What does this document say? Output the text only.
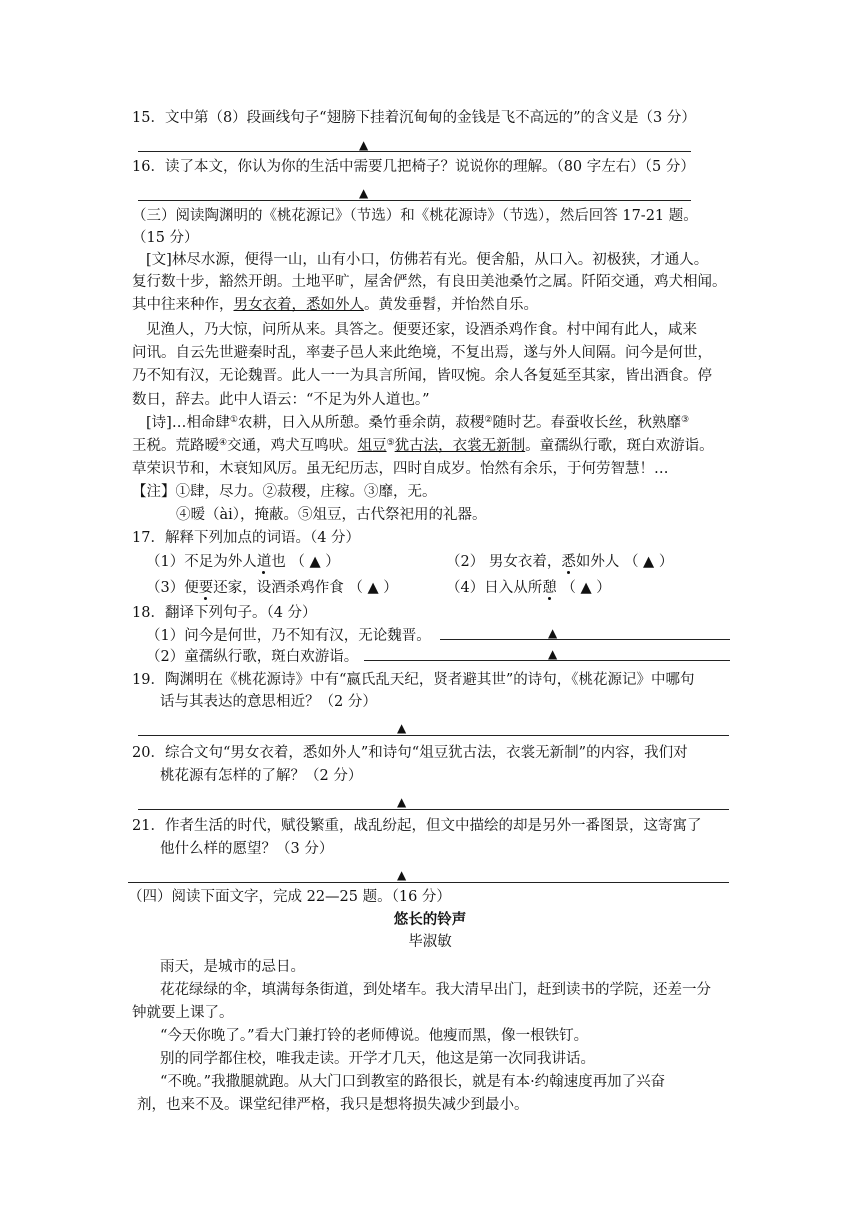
15．文中第（8）段画线句子“翅膀下挂着沉甸甸的金钱是飞不高远的”的含义是（3 分）
▲
16．读了本文，你认为你的生活中需要几把椅子？说说你的理解。（80 字左右）（5 分）
▲
（三）阅读陶渊明的《桃花源记》（节选）和《桃花源诗》（节选），然后回答 17-21 题。
（15 分）
[文]林尽水源，便得一山，山有小口，仿佛若有光。便舍船，从口入。初极狭，才通人。
复行数十步，豁然开朗。土地平旷，屋舍俨然，有良田美池桑竹之属。阡陌交通，鸡犬相闻。
其中往来种作，男女衣着，悉如外人。黄发垂髫，并怡然自乐。
见渔人，乃大惊，问所从来。具答之。便要还家，设酒杀鸡作食。村中闻有此人，咸来
问讯。自云先世避秦时乱，率妻子邑人来此绝境，不复出焉，遂与外人间隔。问今是何世，
乃不知有汉，无论魏晋。此人一一为具言所闻，皆叹惋。余人各复延至其家，皆出酒食。停
数日，辞去。此中人语云：“不足为外人道也。”
[诗]…相命肆①农耕，日入从所憩。桑竹垂余荫，菽稷②随时艺。春蚕收长丝，秋熟靡③
王税。荒路暧④交通，鸡犬互鸣吠。俎豆⑤犹古法，衣裳无新制。童孺纵行歌，斑白欢游诣。
草荣识节和，木衰知风厉。虽无纪历志，四时自成岁。怡然有余乐，于何劳智慧！…
【注】①肆，尽力。②菽稷，庄稼。③靡，无。
④暧（ài），掩蔽。⑤俎豆，古代祭祀用的礼器。
17．解释下列加点的词语。（4 分）
（1）不足为外人道也 （ ▲ ）	（2） 男女衣着，悉如外人 （ ▲ ）
（3）便要还家，设酒杀鸡作食 （ ▲ ）	（4）日入从所憩 （ ▲ ）
18．翻译下列句子。（4 分）
（1）问今是何世，乃不知有汉，无论魏晋。	▲
（2）童孺纵行歌，斑白欢游诣。	▲
19．陶渊明在《桃花源诗》中有“嬴氏乱天纪，贤者避其世”的诗句，《桃花源记》中哪句
话与其表达的意思相近？（2 分）
▲
20．综合文句“男女衣着，悉如外人”和诗句“俎豆犹古法，衣裳无新制”的内容，我们对
桃花源有怎样的了解？（2 分）
▲
21．作者生活的时代，赋役繁重，战乱纷起，但文中描绘的却是另外一番图景，这寄寓了
他什么样的愿望？（3 分）
▲
（四）阅读下面文字，完成 22—25 题。（16 分）
悠长的铃声
毕淑敏
雨天，是城市的忌日。
花花绿绿的伞，填满每条街道，到处堵车。我大清早出门，赶到读书的学院，还差一分
钟就要上课了。
“今天你晚了。”看大门兼打铃的老师傅说。他瘦而黑，像一根铁钉。
别的同学都住校，唯我走读。开学才几天，他这是第一次同我讲话。
“不晚。”我撒腿就跑。从大门口到教室的路很长，就是有本·约翰速度再加了兴奋
剂，也来不及。课堂纪律严格，我只是想将损失减少到最小。
